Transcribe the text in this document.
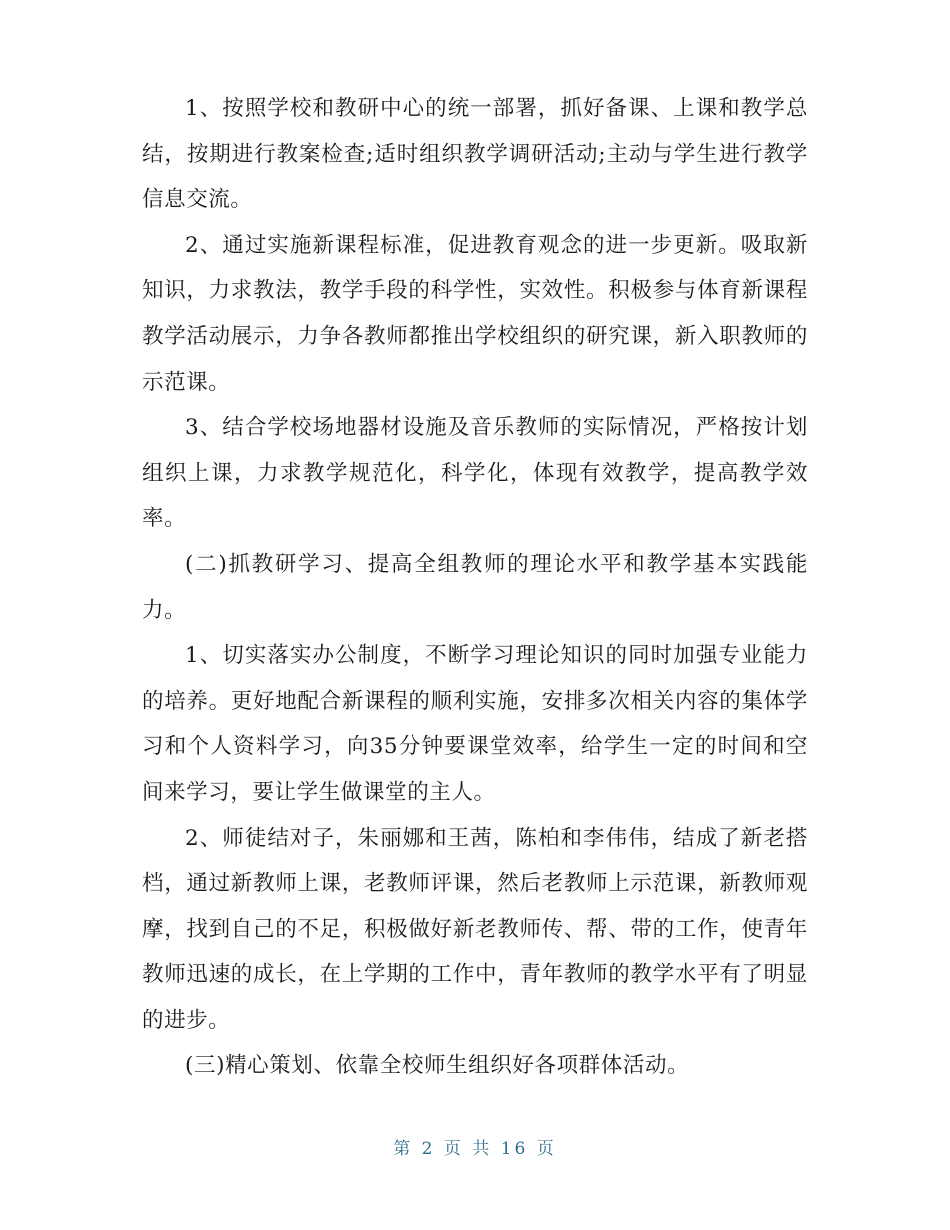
1、按照学校和教研中心的统一部署，抓好备课、上课和教学总结，按期进行教案检查;适时组织教学调研活动;主动与学生进行教学信息交流。

2、通过实施新课程标准，促进教育观念的进一步更新。吸取新知识，力求教法，教学手段的科学性，实效性。积极参与体育新课程教学活动展示，力争各教师都推出学校组织的研究课，新入职教师的示范课。

3、结合学校场地器材设施及音乐教师的实际情况，严格按计划组织上课，力求教学规范化，科学化，体现有效教学，提高教学效率。

(二)抓教研学习、提高全组教师的理论水平和教学基本实践能力。

1、切实落实办公制度，不断学习理论知识的同时加强专业能力的培养。更好地配合新课程的顺利实施，安排多次相关内容的集体学习和个人资料学习，向35分钟要课堂效率，给学生一定的时间和空间来学习，要让学生做课堂的主人。

2、师徒结对子，朱丽娜和王茜，陈柏和李伟伟，结成了新老搭档，通过新教师上课，老教师评课，然后老教师上示范课，新教师观摩，找到自己的不足，积极做好新老教师传、帮、带的工作，使青年教师迅速的成长，在上学期的工作中，青年教师的教学水平有了明显的进步。

(三)精心策划、依靠全校师生组织好各项群体活动。

第 2 页 共 16 页
